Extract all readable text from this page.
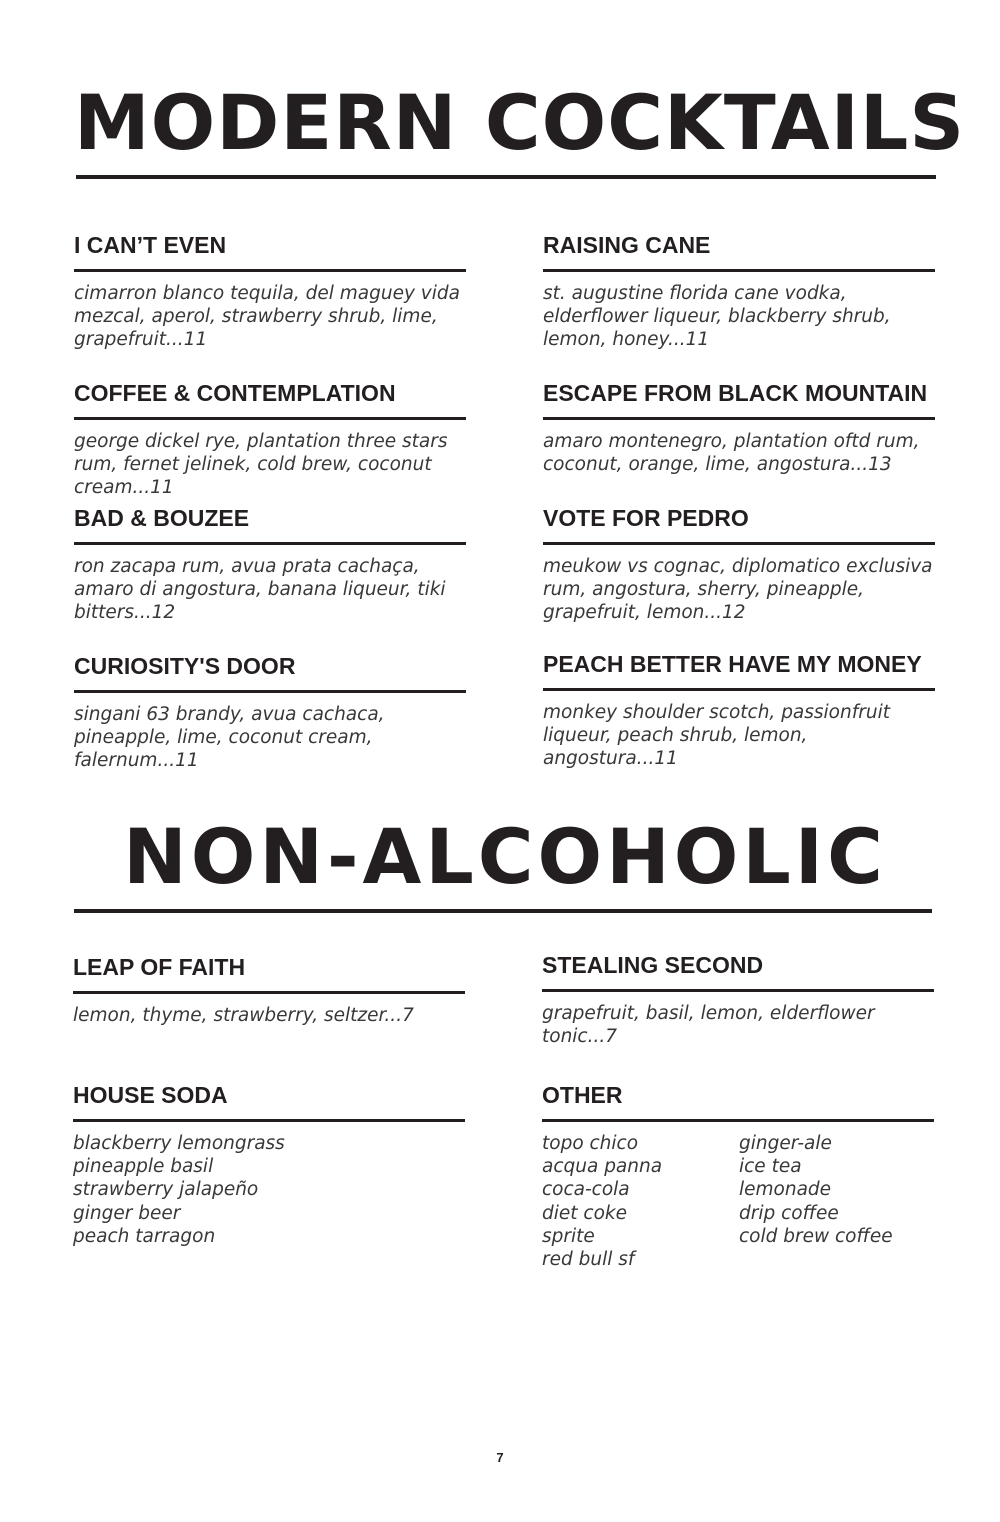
MODERN COCKTAILS
I CAN’T EVEN
cimarron blanco tequila, del maguey vida
mezcal, aperol, strawberry shrub, lime,
grapefruit...11
RAISING CANE
st. augustine florida cane vodka,
elderflower liqueur, blackberry shrub,
lemon, honey...11
COFFEE & CONTEMPLATION
george dickel rye, plantation three stars
rum, fernet jelinek, cold brew, coconut
cream...11
ESCAPE FROM BLACK MOUNTAIN
amaro montenegro, plantation oftd rum,
coconut, orange, lime, angostura...13
BAD & BOUZEE
ron zacapa rum, avua prata cachaça,
amaro di angostura, banana liqueur, tiki
bitters...12
VOTE FOR PEDRO
meukow vs cognac, diplomatico exclusiva
rum, angostura, sherry, pineapple,
grapefruit, lemon...12
CURIOSITY'S DOOR
singani 63 brandy, avua cachaca,
pineapple, lime, coconut cream,
falernum...11
PEACH BETTER HAVE MY MONEY
monkey shoulder scotch, passionfruit
liqueur, peach shrub, lemon,
angostura...11
NON-ALCOHOLIC
LEAP OF FAITH
lemon, thyme, strawberry, seltzer...7
STEALING SECOND
grapefruit, basil, lemon, elderflower
tonic...7
HOUSE SODA
blackberry lemongrass
pineapple basil
strawberry jalapeño
ginger beer
peach tarragon
OTHER
topo chico
acqua panna
coca-cola
diet coke
sprite
red bull sf
ginger-ale
ice tea
lemonade
drip coffee
cold brew coffee
7
